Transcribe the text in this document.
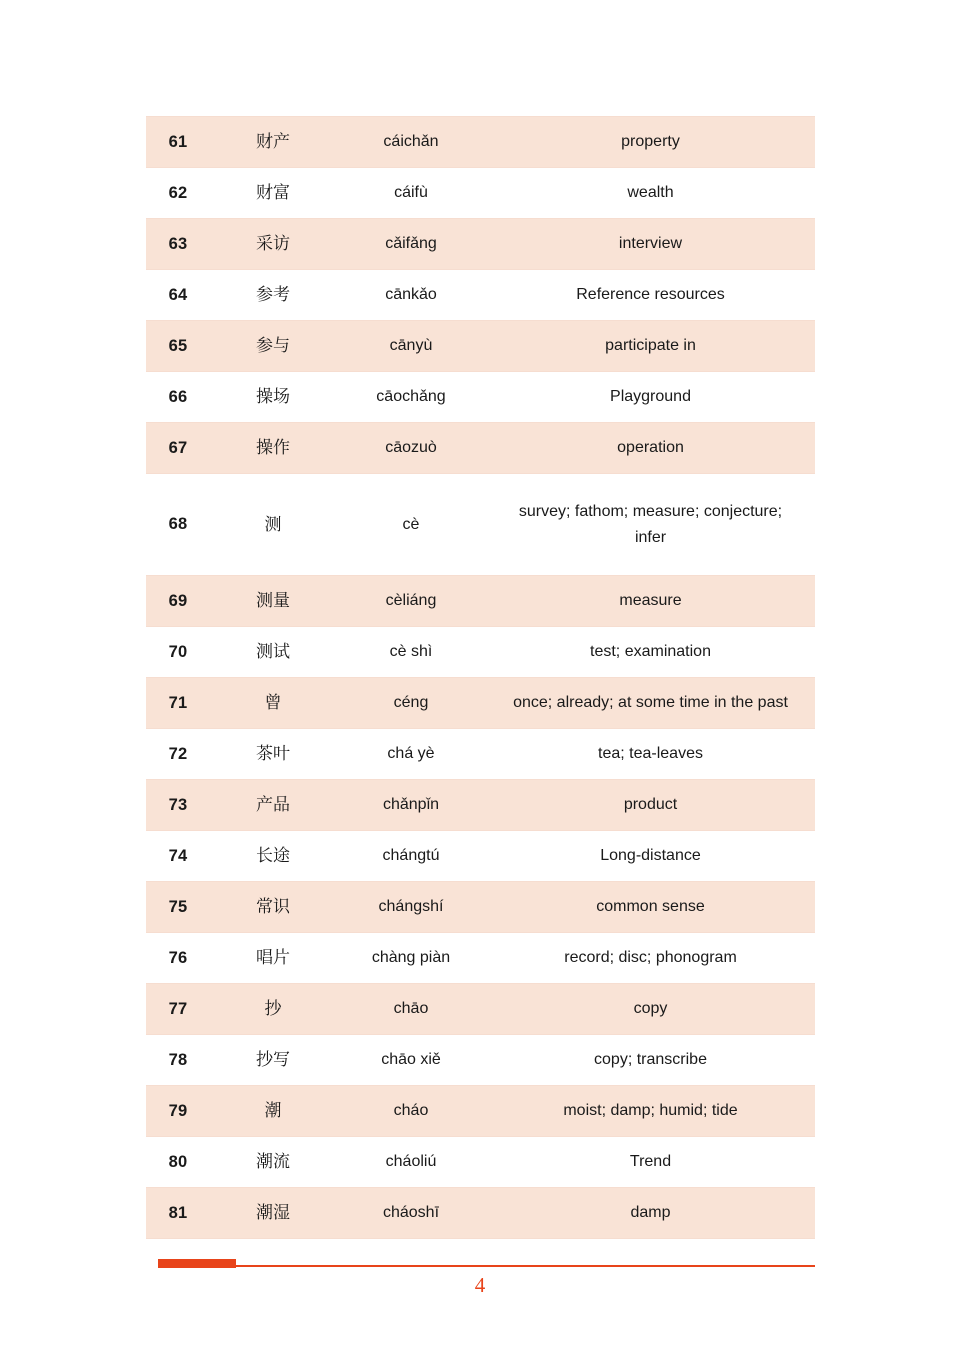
61	财产	cáichǎn	property
62	财富	cáifù	wealth
63	采访	cǎifǎng	interview
64	参考	cānkǎo	Reference resources
65	参与	cānyù	participate in
66	操场	cāochǎng	Playground
67	操作	cāozuò	operation
68	测	cè	survey; fathom; measure; conjecture;
infer

69	测量	cèliáng	measure
70	测试	cè shì	test; examination
71	曾	céng	once; already; at some time in the past
72	茶叶	chá yè	tea; tea-leaves
73	产品	chǎnpǐn	product
74	长途	chángtú	Long-distance
75	常识	chángshí	common sense
76	唱片	chàng piàn	record; disc; phonogram
77	抄	chāo	copy
78	抄写	chāo xiě	copy; transcribe
79	潮	cháo	moist; damp; humid; tide
80	潮流	cháoliú	Trend
81	潮湿	cháoshī	damp
4
